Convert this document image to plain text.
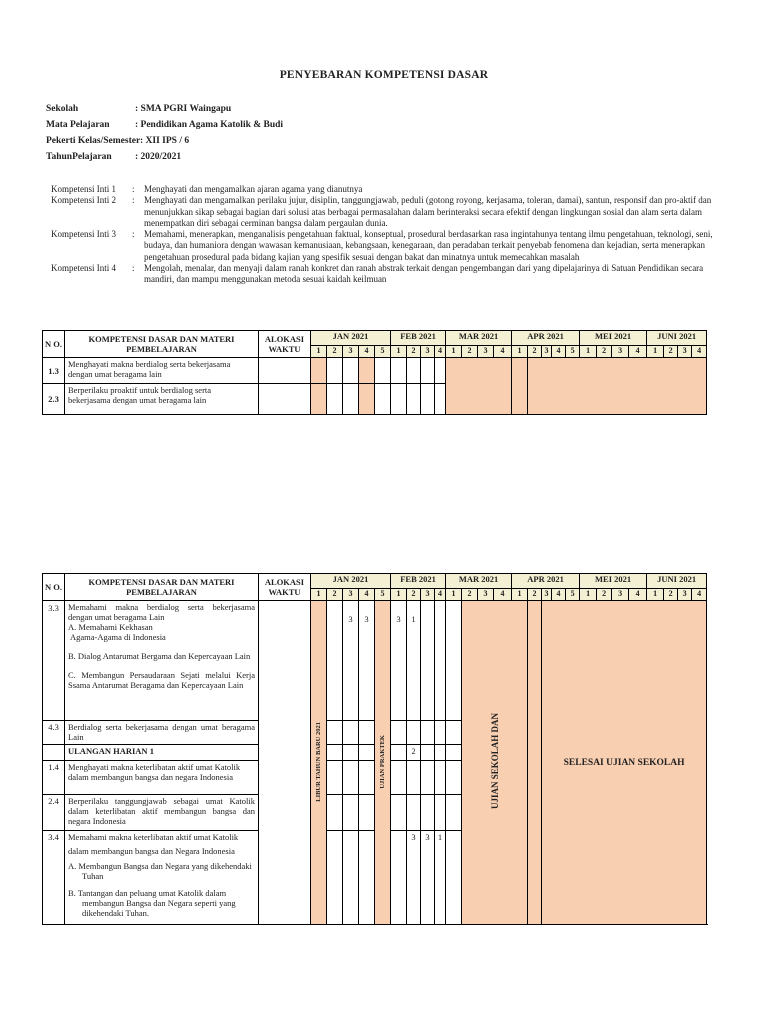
PENYEBARAN KOMPETENSI DASAR
Sekolah	: SMA PGRI Waingapu
Mata Pelajaran	: Pendidikan Agama Katolik & Budi
Pekerti Kelas/Semester : XII IPS / 6
TahunPelajaran : 2020/2021
Kompetensi Inti 1	:	Menghayati dan mengamalkan ajaran agama yang dianutnya
Kompetensi Inti 2	:	Menghayati dan mengamalkan perilaku jujur, disiplin, tanggungjawab, peduli (gotong royong, kerjasama, toleran, damai), santun, responsif dan pro-aktif dan menunjukkan sikap sebagai bagian dari solusi atas berbagai permasalahan dalam berinteraksi secara efektif dengan lingkungan sosial dan alam serta dalam menempatkan diri sebagai cerminan bangsa dalam pergaulan dunia.
Kompetensi Inti 3	:	Memahami, menerapkan, menganalisis pengetahuan faktual, konseptual, prosedural berdasarkan rasa ingintahunya tentang ilmu pengetahuan, teknologi, seni, budaya, dan humaniora dengan wawasan kemanusiaan, kebangsaan, kenegaraan, dan peradaban terkait penyebab fenomena dan kejadian, serta menerapkan pengetahuan prosedural pada bidang kajian yang spesifik sesuai dengan bakat dan minatnya untuk memecahkan masalah
Kompetensi Inti 4	:	Mengolah, menalar, dan menyaji dalam ranah konkret dan ranah abstrak terkait dengan pengembangan dari yang dipelajarinya di Satuan Pendidikan secara mandiri, dan mampu menggunakan metoda sesuai kaidah keilmuan
N O.	KOMPETENSI DASAR DAN MATERI PEMBELAJARAN	ALOKASI WAKTU	JAN 2021					FEB 2021				MAR 2021				APR 2021					MEI 2021				JUNI 2021			
			1	2	3	4	5	1	2	3	4	1	2	3	4	1	2	3	4	5	1	2	3	4	1	2	3	4
1.3	Menghayati makna berdialog serta bekerjasama dengan umat beragama lain																											
2.3	Berperilaku proaktif untuk berdialog serta bekerjasama dengan umat beragama lain																											
N O.	KOMPETENSI DASAR DAN MATERI PEMBELAJARAN	ALOKASI WAKTU	JAN 2021					FEB 2021				MAR 2021				APR 2021					MEI 2021				JUNI 2021			
			1	2	3	4	5	1	2	3	4	1	2	3	4	1	2	3	4	5	1	2	3	4	1	2	3	4
3.3	Memahami makna berdialog serta bekerjasama dengan umat beragama Lain
A. Memahami Kekhasan
Agama-Agama di Indonesia
B. Dialog Antarumat Bergama dan Kepercayaan Lain
C. Membangun Persaudaraan Sejati melalui Kerja Ssama Antarumat Beragama dan Kepercayaan Lain		LIBUR TAHUN BARU 2021		3	3	UJIAN PRAKTEK	3	1				UJIAN SEKOLAH DAN					SELESAI UJIAN SEKOLAH										
4.3	Berdialog serta bekerjasama dengan umat beragama Lain																											

	ULANGAN HARIAN 1								2																			
1.4	Menghayati makna keterlibatan aktif umat Katolik dalam membangun bangsa dan negara Indonesia																											

2.4	Berperilaku tanggungjawab sebagai umat Katolik dalam keterlibatan aktif membangun bangsa dan negara Indonesia																											

3.4	Memahami makna keterlibatan aktif umat Katolik
dalam membangun bangsa dan Negara Indonesia
A. Membangun Bangsa dan Negara yang dikehendaki Tuhan
B. Tantangan dan peluang umat Katolik dalam membangun Bangsa dan Negara seperti yang dikehendaki Tuhan.								3	3	1																	
